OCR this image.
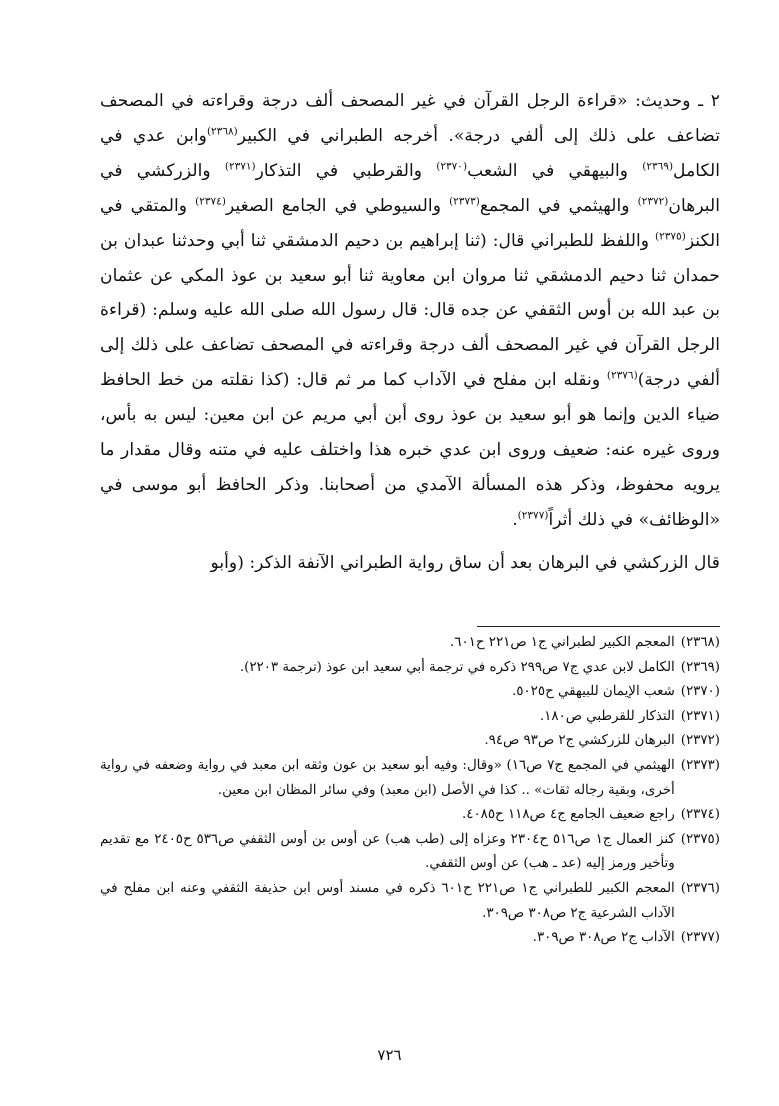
٢ ـ وحديث: «قراءة الرجل القرآن في غير المصحف ألف درجة وقراءته في المصحف تضاعف على ذلك إلى ألفي درجة». أخرجه الطبراني في الكبير$^{(٢٣٦٨)}$وابن عدي في الكامل$^{(٢٣٦٩)}$ والبيهقي في الشعب$^{(٢٣٧٠)}$ والقرطبي في التذكار$^{(٢٣٧١)}$ والزركشي في البرهان$^{(٢٣٧٢)}$ والهيثمي في المجمع$^{(٢٣٧٣)}$ والسيوطي في الجامع الصغير$^{(٢٣٧٤)}$ والمتقي في الكنز$^{(٢٣٧٥)}$ واللفظ للطبراني قال: (ثنا إبراهيم بن دحيم الدمشقي ثنا أبي وحدثنا عبدان بن حمدان ثنا دحيم الدمشقي ثنا مروان ابن معاوية ثنا أبو سعيد بن عوذ المكي عن عثمان بن عبد الله بن أوس الثقفي عن جده قال: قال رسول الله صلى الله عليه وسلم: (قراءة الرجل القرآن في غير المصحف ألف درجة وقراءته في المصحف تضاعف على ذلك إلى ألفي درجة)$^{(٢٣٧٦)}$ ونقله ابن مفلح في الآداب كما مر ثم قال: (كذا نقلته من خط الحافظ ضياء الدين وإنما هو أبو سعيد بن عوذ روى أبن أبي مريم عن ابن معين: ليس به بأس، وروى غيره عنه: ضعيف وروى ابن عدي خبره هذا واختلف عليه في متنه وقال مقدار ما يرويه محفوظ، وذكر هذه المسألة الآمدي من أصحابنا. وذكر الحافظ أبو موسى في «الوظائف» في ذلك أثراً$^{(٢٣٧٧)}$.

قال الزركشي في البرهان بعد أن ساق رواية الطبراني الآنفة الذكر: (وأبو

(٢٣٦٨)
المعجم الكبير لطبراني ج١ ص٢٢١ ح٦٠١.
(٢٣٦٩)
الكامل لابن عدي ج٧ ص٢٩٩ ذكره في ترجمة أبي سعيد ابن عوذ (ترجمة ٢٢٠٣).
(٢٣٧٠)
شعب الإيمان للبيهقي ح٥٠٢٥.
(٢٣٧١)
التذكار للقرطبي ص١٨٠.
(٢٣٧٢)
البرهان للزركشي ج٢ ص٩٣ ص٩٤.
(٢٣٧٣)
الهيثمي في المجمع ج٧ ص١٦) «وقال: وفيه أبو سعيد بن عون وثقه ابن معبد في رواية وضعفه في رواية أخرى، وبقية رجاله ثقات» .. كذا في الأصل (ابن معبد) وفي سائر المظان ابن معين.
(٢٣٧٤)
راجع ضعيف الجامع ج٤ ص١١٨ ح٤٠٨٥.
(٢٣٧٥)
كنز العمال ج١ ص٥١٦ ح٢٣٠٤ وعزاه إلى (طب هب) عن أوس بن أوس الثقفي ص٥٣٦ ح٢٤٠٥ مع تقديم وتأخير ورمز إليه (عد ـ هب) عن أوس الثقفي.
(٢٣٧٦)
المعجم الكبير للطبراني ج١ ص٢٢١ ح٦٠١ ذكره في مسند أوس ابن حذيفة الثقفي وعنه ابن مفلح في الآداب الشرعية ج٢ ص٣٠٨ ص٣٠٩.
(٢٣٧٧)
الآداب ج٢ ص٣٠٨ ص٣٠٩.
٧٢٦
